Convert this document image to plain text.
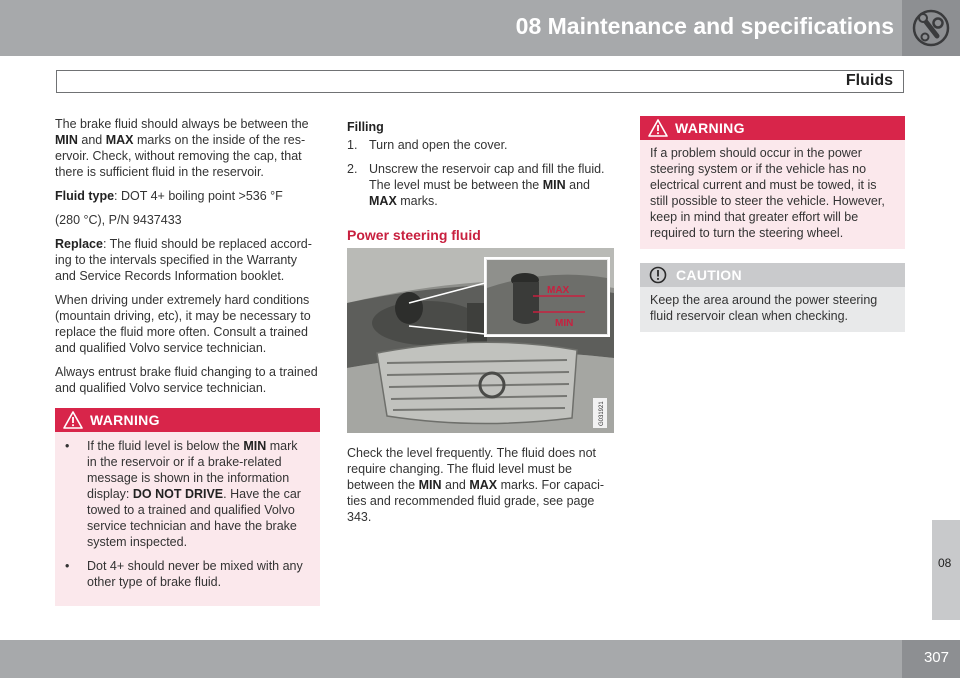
08 Maintenance and specifications
Fluids

The brake fluid should always be between the MIN and MAX marks on the inside of the reservoir. Check, without removing the cap, that there is sufficient fluid in the reservoir.

Fluid type: DOT 4+ boiling point >536 °F

(280 °C), P/N 9437433

Replace: The fluid should be replaced according to the intervals specified in the Warranty and Service Records Information booklet.

When driving under extremely hard conditions (mountain driving, etc), it may be necessary to replace the fluid more often. Consult a trained and qualified Volvo service technician.

Always entrust brake fluid changing to a trained and qualified Volvo service technician.

WARNING
• If the fluid level is below the MIN mark in the reservoir or if a brake-related message is shown in the information display: DO NOT DRIVE. Have the car towed to a trained and qualified Volvo service technician and have the brake system inspected.
• Dot 4+ should never be mixed with any other type of brake fluid.
Filling
1. Turn and open the cover.
2. Unscrew the reservoir cap and fill the fluid. The level must be between the MIN and MAX marks.
Power steering fluid
MAX
MIN
G031921

Check the level frequently. The fluid does not require changing. The fluid level must be between the MIN and MAX marks. For capacities and recommended fluid grade, see page 343.

WARNING
If a problem should occur in the power steering system or if the vehicle has no electrical current and must be towed, it is still possible to steer the vehicle. However, keep in mind that greater effort will be required to turn the steering wheel.
CAUTION
Keep the area around the power steering fluid reservoir clean when checking.
08
307
